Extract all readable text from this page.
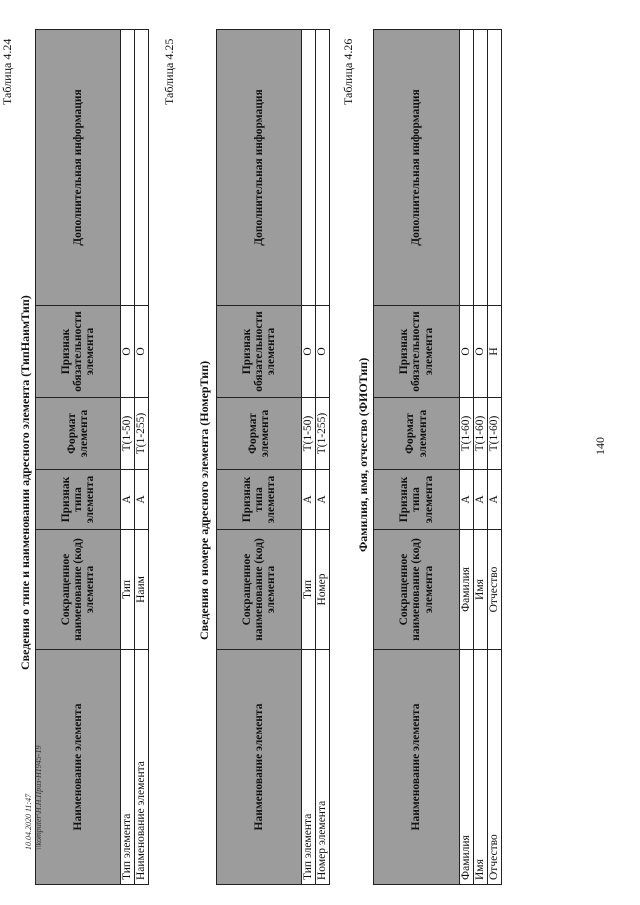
140
Таблица 4.24
Сведения о типе и наименовании адресного элемента (ТипНаимТип)
Наименование элемента	Сокращенное наименование (код) элемента	Признак типа элемента	Формат элемента	Признак обязательности элемента	Дополнительная информация
Тип элемента	Тип	А	Т(1-50)	О	
Наименование элемента	Наим	А	Т(1-255)	О	
Таблица 4.25
Сведения о номере адресного элемента (НомерТип)
Наименование элемента	Сокращенное наименование (код) элемента	Признак типа элемента	Формат элемента	Признак обязательности элемента	Дополнительная информация
Тип элемента	Тип	А	Т(1-50)	О	
Номер элемента	Номер	А	Т(1-255)	О	
Таблица 4.26
Фамилия, имя, отчество (ФИОТип)
Наименование элемента	Сокращенное наименование (код) элемента	Признак типа элемента	Формат элемента	Признак обязательности элемента	Дополнительная информация
Фамилия	Фамилия	А	Т(1-60)	О	
Имя	Имя	А	Т(1-60)	О	
Отчество	Отчество	А	Т(1-60)	Н	
10.04.2020 11:47 \\komputer\Н.Н.Приз-Н1945-19
